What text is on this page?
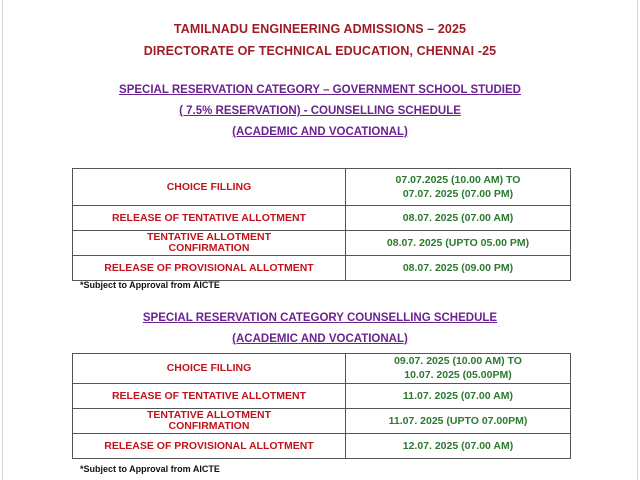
TAMILNADU ENGINEERING ADMISSIONS – 2025
DIRECTORATE OF TECHNICAL EDUCATION, CHENNAI -25
SPECIAL RESERVATION CATEGORY – GOVERNMENT SCHOOL STUDIED
( 7.5% RESERVATION) - COUNSELLING SCHEDULE
(ACADEMIC AND VOCATIONAL)
CHOICE FILLING	07.07.2025 (10.00 AM) TO
07.07. 2025 (07.00 PM)

RELEASE OF TENTATIVE ALLOTMENT	08.07. 2025 (07.00 AM)

TENTATIVE ALLOTMENT
CONFIRMATION	08.07. 2025 (UPTO 05.00 PM)
RELEASE OF PROVISIONAL ALLOTMENT	08.07. 2025 (09.00 PM)
*Subject to Approval from AICTE
SPECIAL RESERVATION CATEGORY COUNSELLING SCHEDULE
(ACADEMIC AND VOCATIONAL)
CHOICE FILLING	09.07. 2025 (10.00 AM) TO
10.07. 2025 (05.00PM)

RELEASE OF TENTATIVE ALLOTMENT	11.07. 2025 (07.00 AM)

TENTATIVE ALLOTMENT
CONFIRMATION	11.07. 2025 (UPTO 07.00PM)
RELEASE OF PROVISIONAL ALLOTMENT	12.07. 2025 (07.00 AM)
*Subject to Approval from AICTE
